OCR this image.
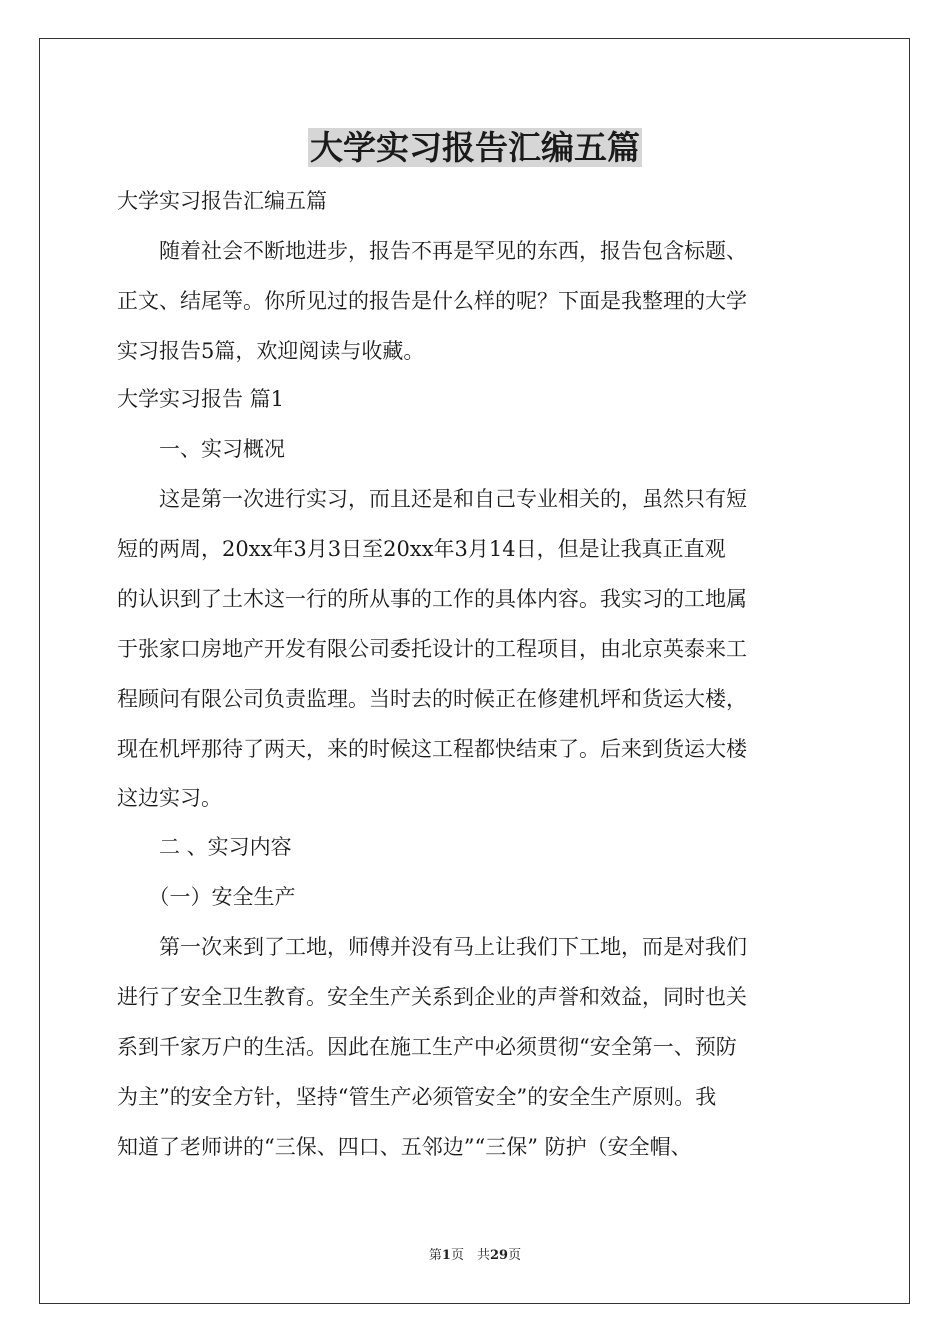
大学实习报告汇编五篇

大学实习报告汇编五篇

　　随着社会不断地进步，报告不再是罕见的东西，报告包含标题、

正文、结尾等。你所见过的报告是什么样的呢？下面是我整理的大学

实习报告5篇，欢迎阅读与收藏。

大学实习报告 篇1

　　一、实习概况

　　这是第一次进行实习，而且还是和自己专业相关的，虽然只有短

短的两周，20xx年3月3日至20xx年3月14日，但是让我真正直观

的认识到了土木这一行的所从事的工作的具体内容。我实习的工地属

于张家口房地产开发有限公司委托设计的工程项目，由北京英泰来工

程顾问有限公司负责监理。当时去的时候正在修建机坪和货运大楼，

现在机坪那待了两天，来的时候这工程都快结束了。后来到货运大楼

这边实习。

　　二 、实习内容

　　（一）安全生产

　　第一次来到了工地，师傅并没有马上让我们下工地，而是对我们

进行了安全卫生教育。安全生产关系到企业的声誉和效益，同时也关

系到千家万户的生活。因此在施工生产中必须贯彻“安全第一、预防

为主”的安全方针，坚持“管生产必须管安全”的安全生产原则。我

知道了老师讲的“三保、四口、五邻边”“三保” 防护（安全帽、

第1页　共29页
